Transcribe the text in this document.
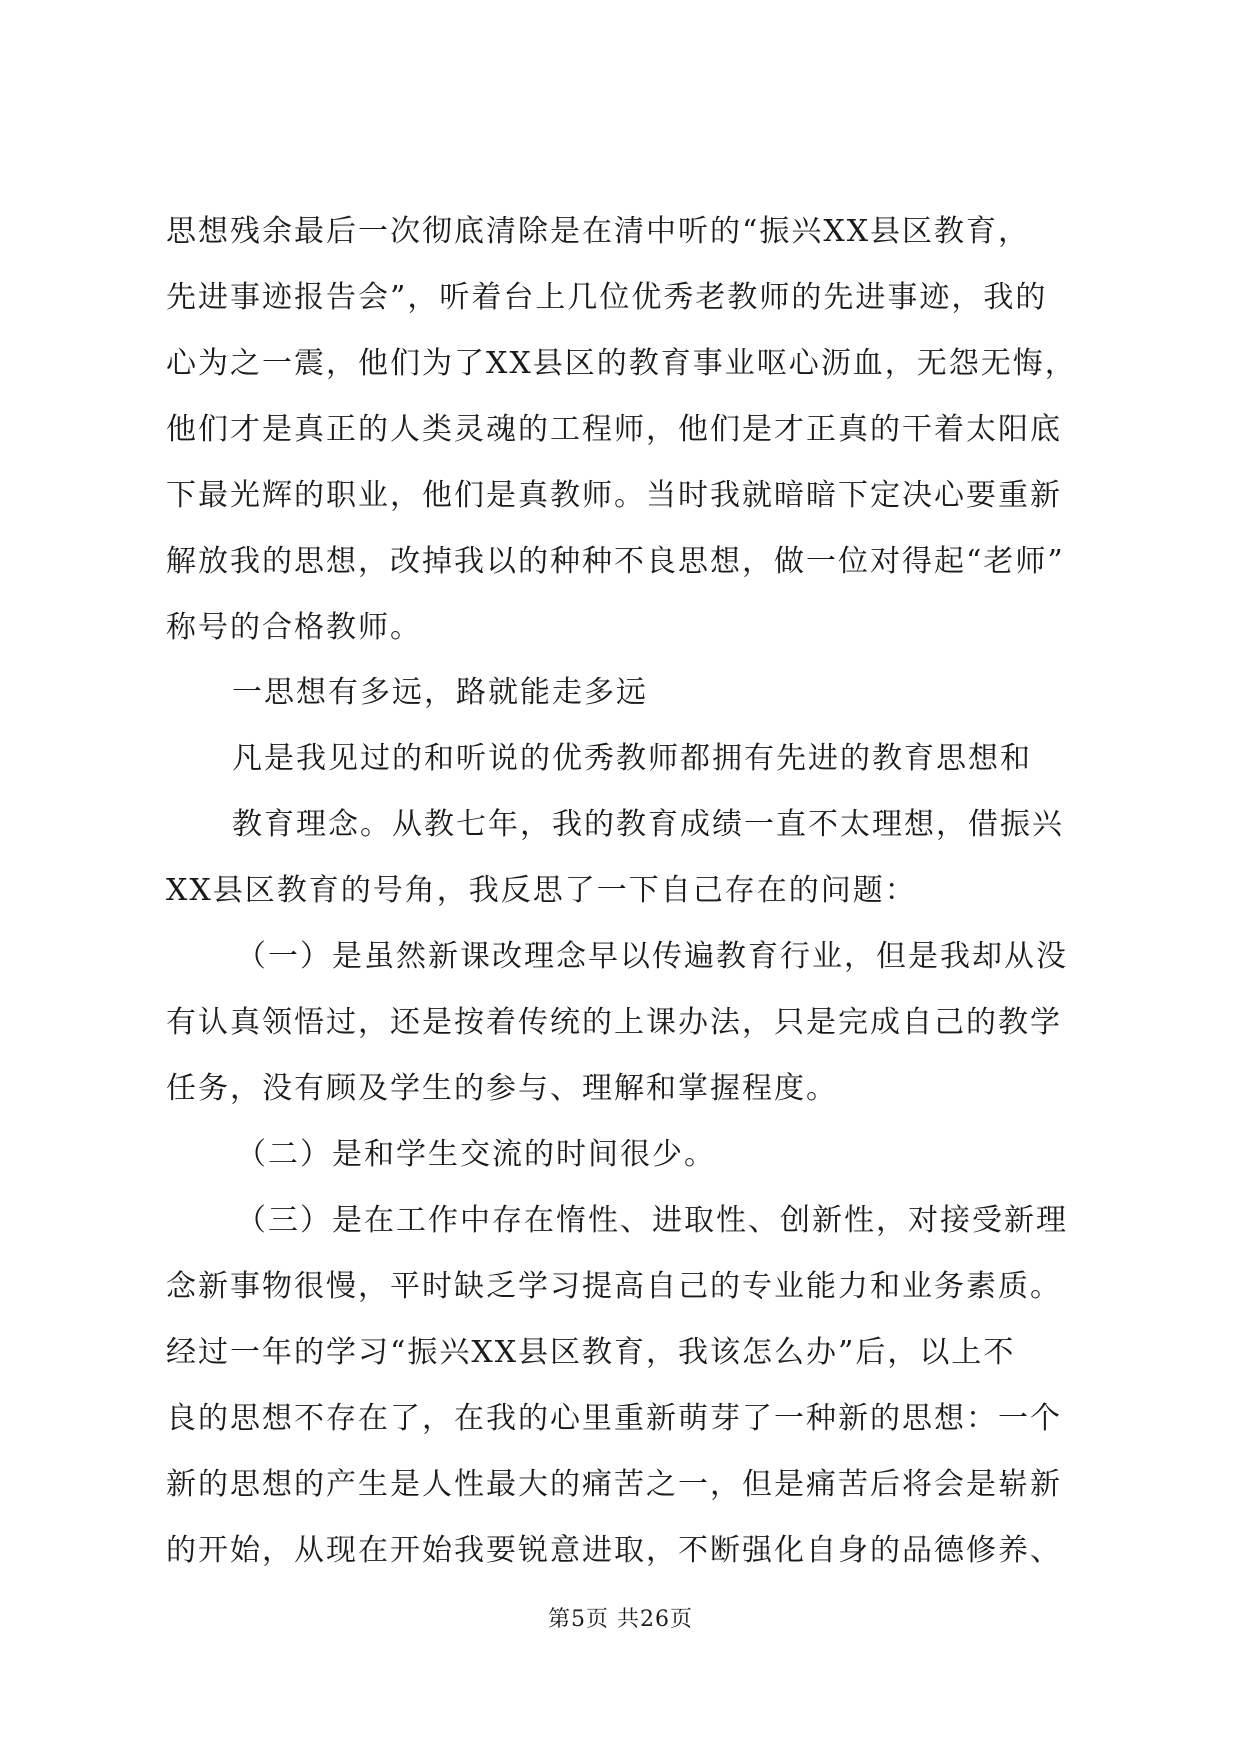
思想残余最后一次彻底清除是在清中听的“振兴XX县区教育，
先进事迹报告会”，听着台上几位优秀老教师的先进事迹，我的
心为之一震，他们为了XX县区的教育事业呕心沥血，无怨无悔，
他们才是真正的人类灵魂的工程师，他们是才正真的干着太阳底
下最光辉的职业，他们是真教师。当时我就暗暗下定决心要重新
解放我的思想，改掉我以的种种不良思想，做一位对得起“老师”
称号的合格教师。
一思想有多远，路就能走多远
凡是我见过的和听说的优秀教师都拥有先进的教育思想和
教育理念。从教七年，我的教育成绩一直不太理想，借振兴
XX县区教育的号角，我反思了一下自己存在的问题：
（一）是虽然新课改理念早以传遍教育行业，但是我却从没
有认真领悟过，还是按着传统的上课办法，只是完成自己的教学
任务，没有顾及学生的参与、理解和掌握程度。
（二）是和学生交流的时间很少。
（三）是在工作中存在惰性、进取性、创新性，对接受新理
念新事物很慢，平时缺乏学习提高自己的专业能力和业务素质。
经过一年的学习“振兴XX县区教育，我该怎么办”后，以上不
良的思想不存在了，在我的心里重新萌芽了一种新的思想：一个
新的思想的产生是人性最大的痛苦之一，但是痛苦后将会是崭新
的开始，从现在开始我要锐意进取，不断强化自身的品德修养、
第5页 共26页
